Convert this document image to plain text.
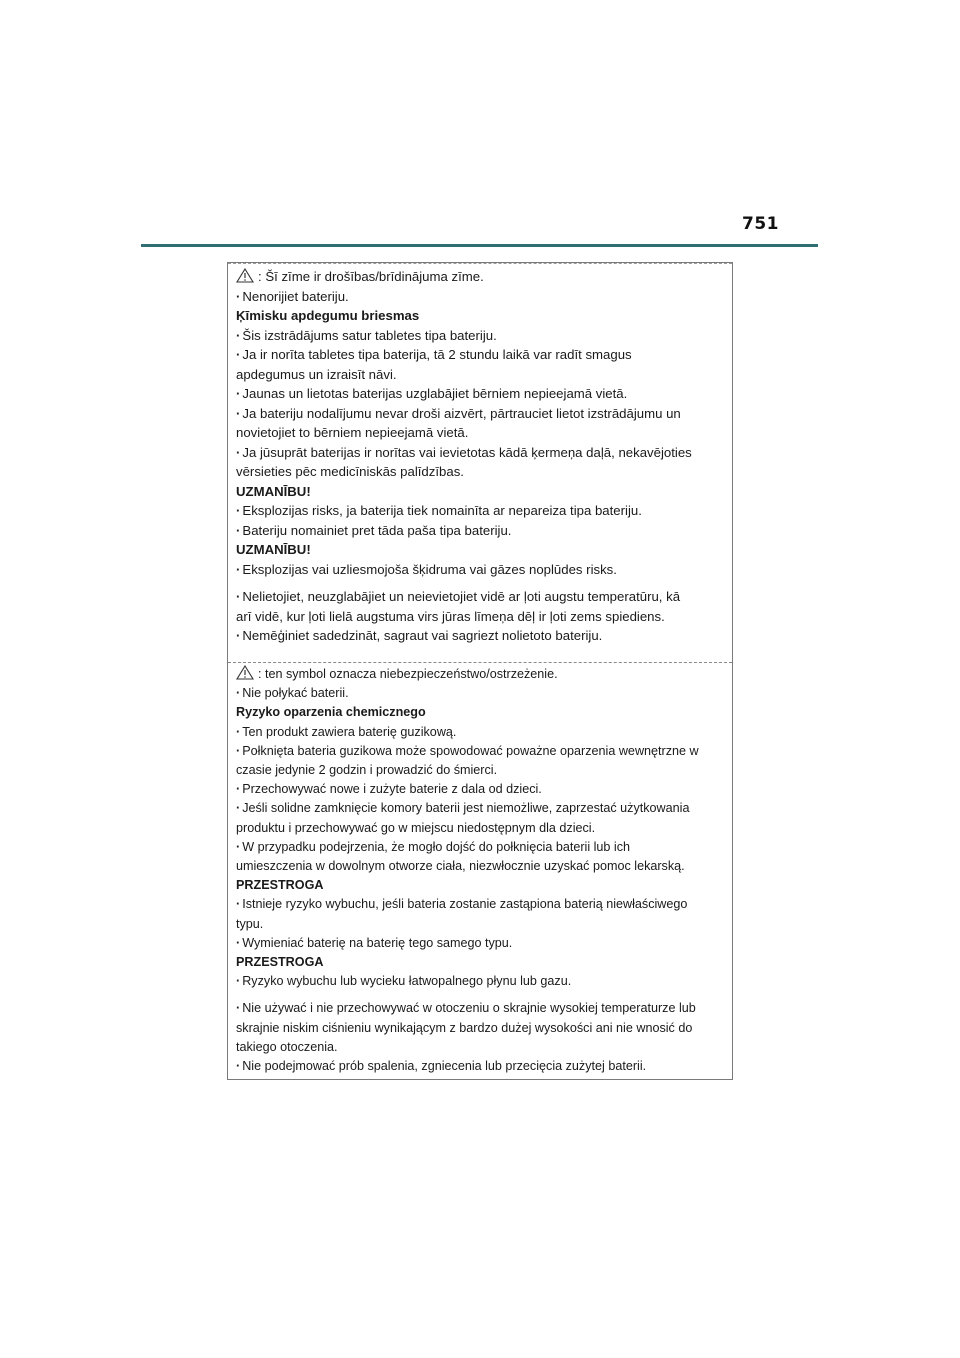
751
: Šī zīme ir drošības/brīdinājuma zīme.
· Nenorijiet bateriju.
Ķīmisku apdegumu briesmas
· Šis izstrādājums satur tabletes tipa bateriju.
· Ja ir norīta tabletes tipa baterija, tā 2 stundu laikā var radīt smagus
apdegumus un izraisīt nāvi.
· Jaunas un lietotas baterijas uzglabājiet bērniem nepieejamā vietā.
· Ja bateriju nodalījumu nevar droši aizvērt, pārtrauciet lietot izstrādājumu un
novietojiet to bērniem nepieejamā vietā.
· Ja jūsuprāt baterijas ir norītas vai ievietotas kādā ķermeņa daļā, nekavējoties
vērsieties pēc medicīniskās palīdzības.
UZMANĪBU!
· Eksplozijas risks, ja baterija tiek nomainīta ar nepareiza tipa bateriju.
· Bateriju nomainiet pret tāda paša tipa bateriju.
UZMANĪBU!
· Eksplozijas vai uzliesmojoša šķidruma vai gāzes noplūdes risks.
· Nelietojiet, neuzglabājiet un neievietojiet vidē ar ļoti augstu temperatūru, kā
arī vidē, kur ļoti lielā augstuma virs jūras līmeņa dēļ ir ļoti zems spiediens.
· Nemēģiniet sadedzināt, sagraut vai sagriezt nolietoto bateriju.
: ten symbol oznacza niebezpieczeństwo/ostrzeżenie.
· Nie połykać baterii.
Ryzyko oparzenia chemicznego
· Ten produkt zawiera baterię guzikową.
· Połknięta bateria guzikowa może spowodować poważne oparzenia wewnętrzne w
czasie jedynie 2 godzin i prowadzić do śmierci.
· Przechowywać nowe i zużyte baterie z dala od dzieci.
· Jeśli solidne zamknięcie komory baterii jest niemożliwe, zaprzestać użytkowania
produktu i przechowywać go w miejscu niedostępnym dla dzieci.
· W przypadku podejrzenia, że mogło dojść do połknięcia baterii lub ich
umieszczenia w dowolnym otworze ciała, niezwłocznie uzyskać pomoc lekarską.
PRZESTROGA
· Istnieje ryzyko wybuchu, jeśli bateria zostanie zastąpiona baterią niewłaściwego
typu.
· Wymieniać baterię na baterię tego samego typu.
PRZESTROGA
· Ryzyko wybuchu lub wycieku łatwopalnego płynu lub gazu.
· Nie używać i nie przechowywać w otoczeniu o skrajnie wysokiej temperaturze lub
skrajnie niskim ciśnieniu wynikającym z bardzo dużej wysokości ani nie wnosić do
takiego otoczenia.
· Nie podejmować prób spalenia, zgniecenia lub przecięcia zużytej baterii.
